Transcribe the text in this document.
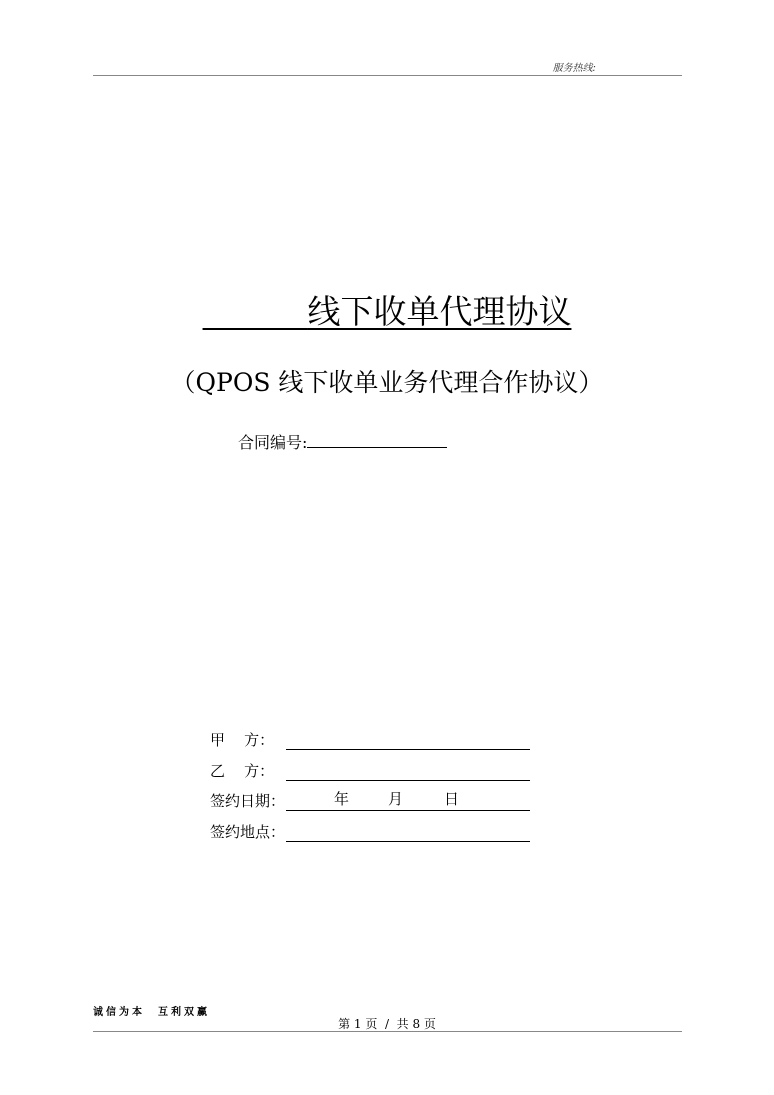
服务热线:
线下收单代理协议
（QPOS 线下收单业务代理合作协议）
合同编号:
甲    方：
乙    方：
签约日期：	年	月	日
签约地点：
诚信为本  互利双赢
第 1 页  /  共 8 页
